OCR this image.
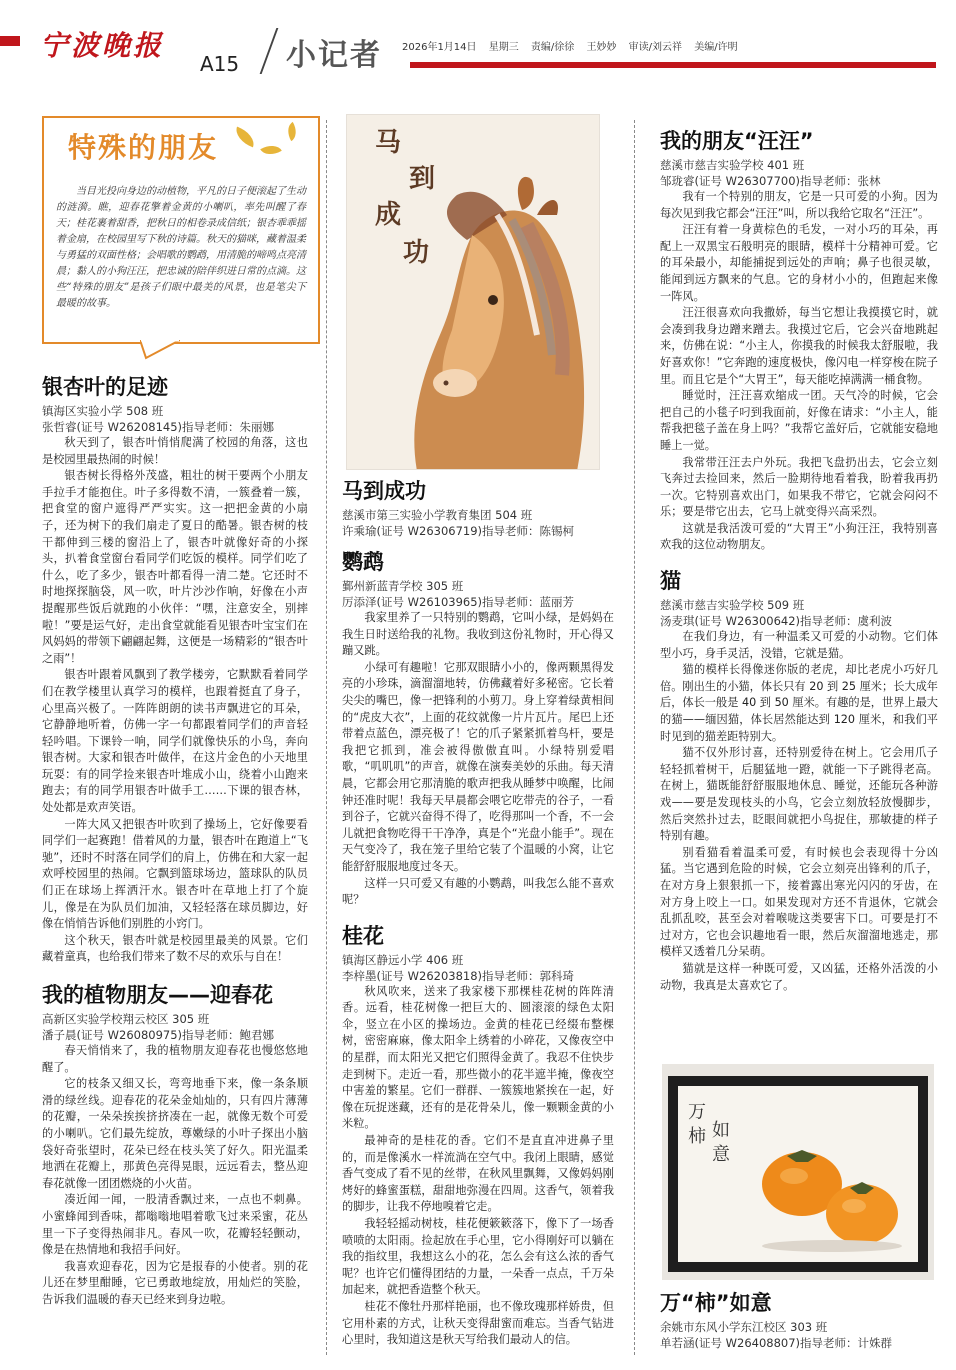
宁波晚报
A15 小记者 2026年1月14日 星期三 责编/徐徐 王妙妙 审读/刘云祥 美编/许明
特殊的朋友
当目光投向身边的动植物，平凡的日子便滚起了生动的涟漪。瞧，迎春花擎着金黄的小喇叭，率先叫醒了春天；桂花裹着甜香，把秋日的相卷录成信纸；银杏乖乖摇着金扇，在校园里写下秋的诗篇。秋天的猫咪，藏着温柔与勇猛的双面性格；会唱歌的鹦鹉，用清脆的啼鸣点亮清晨；黏人的小狗汪汪，把忠诚的陪伴织进日常的点滴。这些“特殊的朋友”是孩子们眼中最美的风景，也是笔尖下最暖的故事。
银杏叶的足迹
镇海区实验小学 508 班
张哲睿(证号 W26208145)指导老师：朱丽娜

秋天到了，银杏叶悄悄爬满了校园的角落，这也是校园里最热闹的时候！

银杏树长得格外茂盛，粗壮的树干要两个小朋友手拉手才能抱住。叶子多得数不清，一簇叠着一簇，把食堂的窗户遮得严严实实。这一把把金黄的小扇子，还为树下的我们扇走了夏日的酷暑。银杏树的枝干都伸到三楼的窗沿上了，银杏叶就像好奇的小探头，扒着食堂窗台看同学们吃饭的模样。同学们吃了什么，吃了多少，银杏叶都看得一清二楚。它还时不时地探探脑袋，风一吹，叶片沙沙作响，好像在小声提醒那些饭后就跑的小伙伴：“嘿，注意安全，别摔啦！”要是运气好，走出食堂就能看见银杏叶宝宝们在风妈妈的带领下翩翩起舞，这便是一场精彩的“银杏叶之雨”！

银杏叶跟着风飘到了教学楼旁，它默默看着同学们在教学楼里认真学习的模样，也跟着挺直了身子，心里高兴极了。一阵阵朗朗的读书声飘进它的耳朵，它静静地听着，仿佛一字一句都跟着同学们的声音轻轻吟唱。下课铃一响，同学们就像快乐的小鸟，奔向银杏树。大家和银杏叶做伴，在这片金色的小天地里玩耍：有的同学捡来银杏叶堆成小山，绕着小山跑来跑去；有的同学用银杏叶做手工……下课的银杏林，处处都是欢声笑语。

一阵大风又把银杏叶吹到了操场上，它好像要看同学们一起赛跑！借着风的力量，银杏叶在跑道上“飞驰”，还时不时落在同学们的肩上，仿佛在和大家一起欢呼校园里的热闹。它飘到篮球场边，篮球队的队员们正在球场上挥洒汗水。银杏叶在草地上打了个旋儿，像是在为队员们加油，又轻轻落在球员脚边，好像在悄悄告诉他们别胜的小窍门。

这个秋天，银杏叶就是校园里最美的风景。它们藏着童真，也给我们带来了数不尽的欢乐与自在！

我的植物朋友——迎春花
高新区实验学校翔云校区 305 班
潘子晨(证号 W26080975)指导老师：鲍君娜

春天悄悄来了，我的植物朋友迎春花也慢悠悠地醒了。

它的枝条又细又长，弯弯地垂下来，像一条条顺滑的绿丝线。迎春花的花朵金灿灿的，只有四片薄薄的花瓣，一朵朵挨挨挤挤凑在一起，就像无数个可爱的小喇叭。它们最先绽放，尊嫩绿的小叶子探出小脑袋好奇张望时，花朵已经在枝头笑了好久。阳光温柔地洒在花瓣上，那黄色亮得晃眼，远远看去，整丛迎春花就像一团团燃烧的小火苗。

凑近闻一闻，一股清香飘过来，一点也不刺鼻。小蜜蜂闻到香味，都嗡嗡地唱着歌飞过来采蜜，花丛里一下子变得热闹非凡。春风一吹，花瓣轻轻颤动，像是在热情地和我招手问好。

我喜欢迎春花，因为它是报春的小使者。别的花儿还在梦里酣睡，它已勇敢地绽放，用灿烂的笑脸，告诉我们温暖的春天已经来到身边啦。

马
到
成
功
马到成功
慈溪市第三实验小学教育集团 504 班
许乘瑜(证号 W26306719)指导老师：陈锡柯
鹦鹉
鄞州新蓝青学校 305 班
厉添泽(证号 W26103965)指导老师：蓝丽芳

我家里养了一只特别的鹦鹉，它叫小绿，是妈妈在我生日时送给我的礼物。我收到这份礼物时，开心得又蹦又跳。

小绿可有趣啦！它那双眼睛小小的，像两颗黑得发亮的小珍珠，滴溜溜地转，仿佛藏着好多秘密。它长着尖尖的嘴巴，像一把锋利的小剪刀。身上穿着绿黄相间的“虎皮大衣”，上面的花纹就像一片片瓦片。尾巴上还带着点蓝色，漂亮极了！它的爪子紧紧抓着鸟杆，要是我把它抓到，准会被得傲傲直叫。小绿特别爱唱歌，“叽叽叽”的声音，就像在演奏美妙的乐曲。每天清晨，它都会用它那清脆的歌声把我从睡梦中唤醒，比闹钟还准时呢！我每天早晨都会喂它吃带壳的谷子，一看到谷子，它就兴奋得不得了，吃得那叫一个香，不一会儿就把食物吃得干干净净，真是个“光盘小能手”。现在天气变冷了，我在笼子里给它装了个温暖的小窝，让它能舒舒服服地度过冬天。

这样一只可爱又有趣的小鹦鹉，叫我怎么能不喜欢呢？

桂花
镇海区静远小学 406 班
李梓墨(证号 W26203818)指导老师：郭科琦

秋风吹来，送来了我家楼下那棵桂花树的阵阵清香。远看，桂花树像一把巨大的、圆滚滚的绿色太阳伞，竖立在小区的操场边。金黄的桂花已经缀布整棵树，密密麻麻，像太阳伞上绣着的小碎花，又像夜空中的星群，而太阳光又把它们照得金黄了。我忍不住快步走到树下。走近一看，那些微小的花半遮半掩，像夜空中害羞的繁星。它们一群群、一簇簇地紧挨在一起，好像在玩捉迷藏，还有的是花骨朵儿，像一颗颗金黄的小米粒。

最神奇的是桂花的香。它们不是直直冲进鼻子里的，而是像溪水一样流淌在空气中。我闭上眼睛，感觉香气变成了看不见的丝带，在秋风里飘舞，又像妈妈刚烤好的蜂蜜蛋糕，甜甜地弥漫在四周。这香气，领着我的脚步，让我不停地嗅着它走。

我轻轻摇动树枝，桂花便簌簌落下，像下了一场香喷喷的太阳雨。捡起放在手心里，它小得刚好可以躺在我的指纹里，我想这么小的花，怎么会有这么浓的香气呢？也许它们懂得团结的力量，一朵香一点点，千万朵加起来，就把香造整个秋天。

桂花不像牡丹那样艳丽，也不像玫瑰那样娇贵，但它用朴素的方式，让秋天变得甜蜜而难忘。当香气钻进心里时，我知道这是秋天写给我们最动人的信。

我的朋友“汪汪”
慈溪市慈吉实验学校 401 班
邹珑睿(证号 W26307700)指导老师：张林

我有一个特别的朋友，它是一只可爱的小狗。因为每次见到我它都会“汪汪”叫，所以我给它取名“汪汪”。

汪汪有着一身黄棕色的毛发，一对小巧的耳朵，再配上一双黑宝石般明亮的眼睛，模样十分精神可爱。它的耳朵最小，却能捕捉到远处的声响；鼻子也很灵敏，能闻到远方飘来的气息。它的身材小小的，但跑起来像一阵风。

汪汪很喜欢向我撒娇，每当它想让我摸摸它时，就会凑到我身边蹭来蹭去。我摸过它后，它会兴奋地跳起来，仿佛在说：“小主人，你摸我的时候我太舒服啦，我好喜欢你！”它奔跑的速度极快，像闪电一样穿梭在院子里。而且它是个“大胃王”，每天能吃掉满满一桶食物。

睡觉时，汪汪喜欢缩成一团。天气冷的时候，它会把自己的小毯子叼到我面前，好像在请求：“小主人，能帮我把毯子盖在身上吗？”我帮它盖好后，它就能安稳地睡上一觉。

我常带汪汪去户外玩。我把飞盘扔出去，它会立刻飞奔过去捡回来，然后一脸期待地看着我，盼着我再扔一次。它特别喜欢出门，如果我不带它，它就会闷闷不乐；要是带它出去，它马上就变得兴高采烈。

这就是我活泼可爱的“大胃王”小狗汪汪，我特别喜欢我的这位动物朋友。

猫
慈溪市慈吉实验学校 509 班
汤麦琪(证号 W26300642)指导老师：虞利波

在我们身边，有一种温柔又可爱的小动物。它们体型小巧，身手灵活，没错，它就是猫。

猫的模样长得像迷你版的老虎，却比老虎小巧好几倍。刚出生的小猫，体长只有 20 到 25 厘米；长大成年后，体长一般是 40 到 50 厘米。有趣的是，世界上最大的猫——缅因猫，体长居然能达到 120 厘米，和我们平时见到的猫差距特别大。

猫不仅外形讨喜，还特别爱待在树上。它会用爪子轻轻抓着树干，后腿猛地一蹬，就能一下子跳得老高。在树上，猫既能舒舒服服地休息、睡觉，还能玩各种游戏——要是发现枝头的小鸟，它会立刻放轻放慢脚步，然后突然扑过去，眨眼间就把小鸟捉住，那敏捷的样子特别有趣。

别看猫看着温柔可爱，有时候也会表现得十分凶猛。当它遇到危险的时候，它会立刻亮出锋利的爪子，在对方身上狠狠抓一下，接着露出寒光闪闪的牙齿，在对方身上咬上一口。如果发现对方还不肯退休，它就会乱抓乱咬，甚至会对着喉咙这类要害下口。可要是打不过对方，它也会识趣地看一眼，然后灰溜溜地逃走，那模样又透着几分呆萌。

猫就是这样一种既可爱，又凶猛，还格外活泼的小动物，我真是太喜欢它了。

万
柿 如
意
万“柿”如意
余姚市东风小学东江校区 303 班
单若涵(证号 W26408807)指导老师：计姝群
